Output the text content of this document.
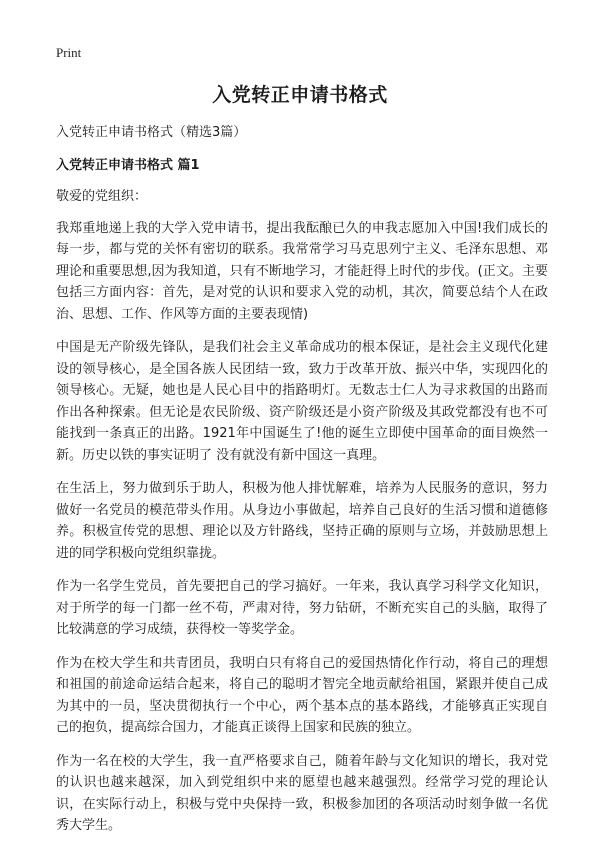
Print
入党转正申请书格式

入党转正申请书格式（精选3篇）

入党转正申请书格式 篇1

敬爱的党组织：

我郑重地递上我的大学入党申请书，提出我酝酿已久的申我志愿加入中国!我们成长的每一步，都与党的关怀有密切的联系。我常常学习马克思列宁主义、毛泽东思想、邓理论和重要思想,因为我知道，只有不断地学习，才能赶得上时代的步伐。(正文。主要包括三方面内容：首先，是对党的认识和要求入党的动机，其次，简要总结个人在政治、思想、工作、作风等方面的主要表现情)

中国是无产阶级先锋队，是我们社会主义革命成功的根本保证，是社会主义现代化建设的领导核心，是全国各族人民团结一致，致力于改革开放、振兴中华，实现四化的领导核心。无疑，她也是人民心目中的指路明灯。无数志士仁人为寻求救国的出路而作出各种探索。但无论是农民阶级、资产阶级还是小资产阶级及其政党都没有也不可能找到一条真正的出路。1921年中国诞生了!他的诞生立即使中国革命的面目焕然一新。历史以铁的事实证明了 没有就没有新中国这一真理。

在生活上，努力做到乐于助人，积极为他人排忧解难，培养为人民服务的意识，努力做好一名党员的模范带头作用。从身边小事做起，培养自己良好的生活习惯和道德修养。积极宣传党的思想、理论以及方针路线，坚持正确的原则与立场，并鼓励思想上进的同学积极向党组织靠拢。

作为一名学生党员，首先要把自己的学习搞好。一年来，我认真学习科学文化知识，对于所学的每一门都一丝不苟，严肃对待，努力钻研，不断充实自己的头脑，取得了比较满意的学习成绩，获得校一等奖学金。

作为在校大学生和共青团员，我明白只有将自己的爱国热情化作行动，将自己的理想和祖国的前途命运结合起来，将自己的聪明才智完全地贡献给祖国，紧跟并使自己成为其中的一员，坚决贯彻执行一个中心，两个基本点的基本路线，才能够真正实现自己的抱负，提高综合国力，才能真正谈得上国家和民族的独立。

作为一名在校的大学生，我一直严格要求自己，随着年龄与文化知识的增长，我对党的认识也越来越深，加入到党组织中来的愿望也越来越强烈。经常学习党的理论认识，在实际行动上，积极与党中央保持一致，积极参加团的各项活动时刻争做一名优秀大学生。
